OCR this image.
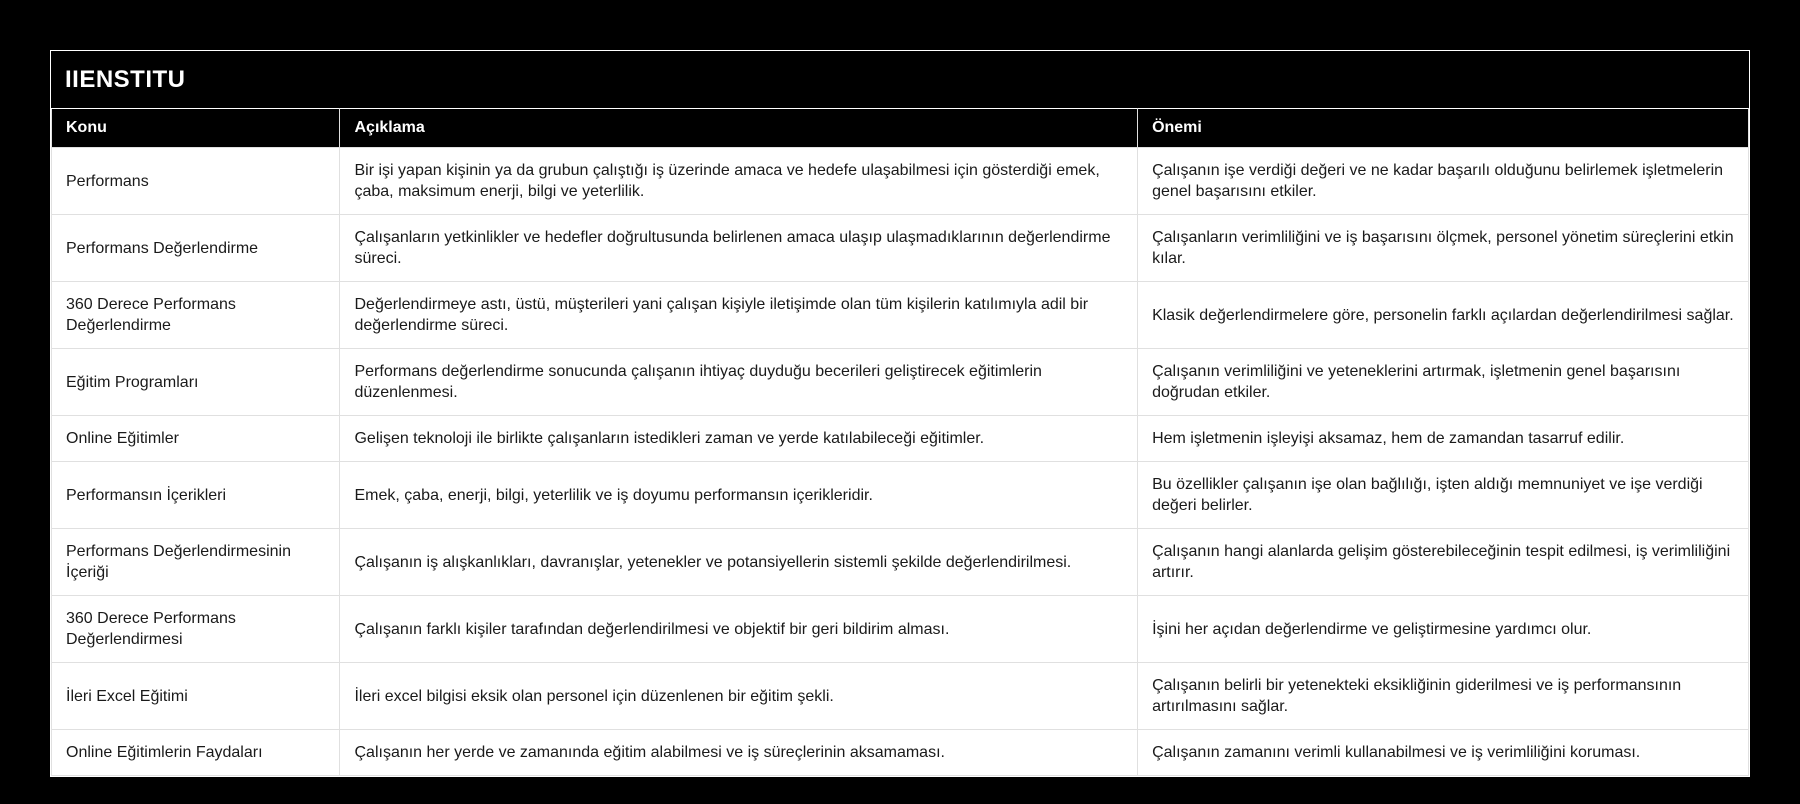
IIENSTITU
Konu	Açıklama	Önemi
Performans	Bir işi yapan kişinin ya da grubun çalıştığı iş üzerinde amaca ve hedefe ulaşabilmesi için gösterdiği emek, çaba, maksimum enerji, bilgi ve yeterlilik.	Çalışanın işe verdiği değeri ve ne kadar başarılı olduğunu belirlemek işletmelerin genel başarısını etkiler.
Performans Değerlendirme	Çalışanların yetkinlikler ve hedefler doğrultusunda belirlenen amaca ulaşıp ulaşmadıklarının değerlendirme süreci.	Çalışanların verimliliğini ve iş başarısını ölçmek, personel yönetim süreçlerini etkin kılar.
360 Derece Performans Değerlendirme	Değerlendirmeye astı, üstü, müşterileri yani çalışan kişiyle iletişimde olan tüm kişilerin katılımıyla adil bir değerlendirme süreci.	Klasik değerlendirmelere göre, personelin farklı açılardan değerlendirilmesi sağlar.
Eğitim Programları	Performans değerlendirme sonucunda çalışanın ihtiyaç duyduğu becerileri geliştirecek eğitimlerin düzenlenmesi.	Çalışanın verimliliğini ve yeteneklerini artırmak, işletmenin genel başarısını doğrudan etkiler.
Online Eğitimler	Gelişen teknoloji ile birlikte çalışanların istedikleri zaman ve yerde katılabileceği eğitimler.	Hem işletmenin işleyişi aksamaz, hem de zamandan tasarruf edilir.
Performansın İçerikleri	Emek, çaba, enerji, bilgi, yeterlilik ve iş doyumu performansın içerikleridir.	Bu özellikler çalışanın işe olan bağlılığı, işten aldığı memnuniyet ve işe verdiği değeri belirler.
Performans Değerlendirmesinin İçeriği	Çalışanın iş alışkanlıkları, davranışlar, yetenekler ve potansiyellerin sistemli şekilde değerlendirilmesi.	Çalışanın hangi alanlarda gelişim gösterebileceğinin tespit edilmesi, iş verimliliğini artırır.
360 Derece Performans Değerlendirmesi	Çalışanın farklı kişiler tarafından değerlendirilmesi ve objektif bir geri bildirim alması.	İşini her açıdan değerlendirme ve geliştirmesine yardımcı olur.
İleri Excel Eğitimi	İleri excel bilgisi eksik olan personel için düzenlenen bir eğitim şekli.	Çalışanın belirli bir yetenekteki eksikliğinin giderilmesi ve iş performansının artırılmasını sağlar.
Online Eğitimlerin Faydaları	Çalışanın her yerde ve zamanında eğitim alabilmesi ve iş süreçlerinin aksamaması.	Çalışanın zamanını verimli kullanabilmesi ve iş verimliliğini koruması.
